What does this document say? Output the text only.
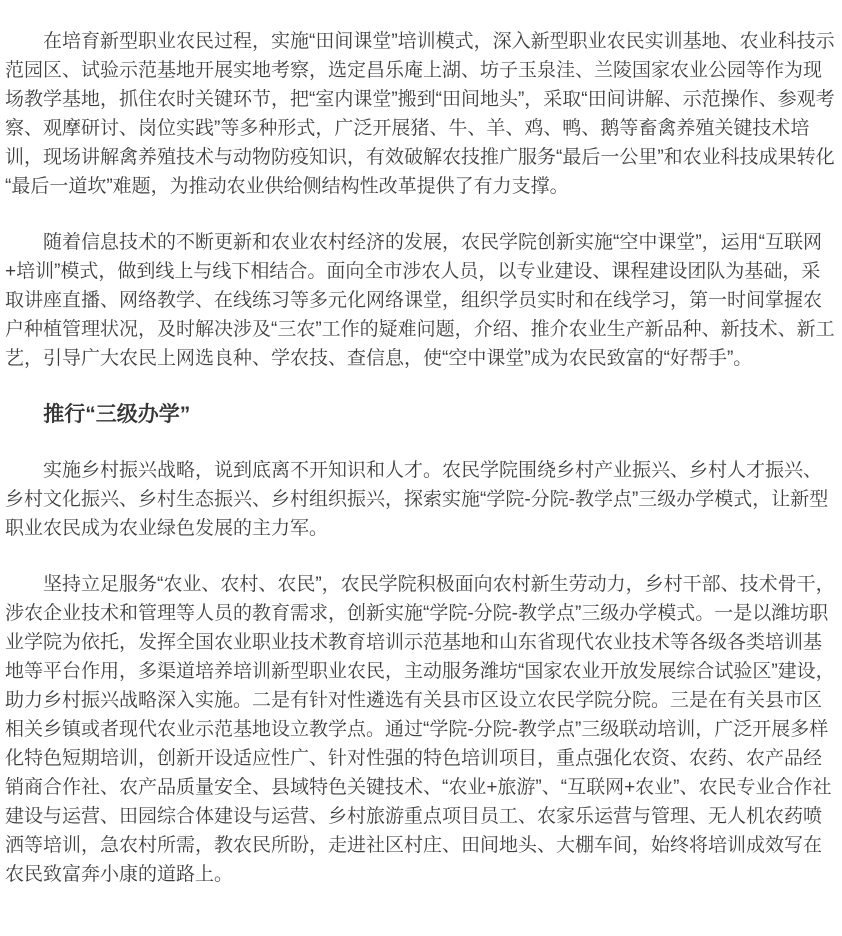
在培育新型职业农民过程，实施“田间课堂”培训模式，深入新型职业农民实训基地、农业科技示范园区、试验示范基地开展实地考察，选定昌乐庵上湖、坊子玉泉洼、兰陵国家农业公园等作为现场教学基地，抓住农时关键环节，把“室内课堂”搬到“田间地头”，采取“田间讲解、示范操作、参观考察、观摩研讨、岗位实践”等多种形式，广泛开展猪、牛、羊、鸡、鸭、鹅等畜禽养殖关键技术培训，现场讲解禽养殖技术与动物防疫知识，有效破解农技推广服务“最后一公里”和农业科技成果转化“最后一道坎”难题，为推动农业供给侧结构性改革提供了有力支撑。

随着信息技术的不断更新和农业农村经济的发展，农民学院创新实施“空中课堂”，运用“互联网+培训”模式，做到线上与线下相结合。面向全市涉农人员，以专业建设、课程建设团队为基础，采取讲座直播、网络教学、在线练习等多元化网络课堂，组织学员实时和在线学习，第一时间掌握农户种植管理状况，及时解决涉及“三农”工作的疑难问题，介绍、推介农业生产新品种、新技术、新工艺，引导广大农民上网选良种、学农技、查信息，使“空中课堂”成为农民致富的“好帮手”。

推行“三级办学”

实施乡村振兴战略，说到底离不开知识和人才。农民学院围绕乡村产业振兴、乡村人才振兴、乡村文化振兴、乡村生态振兴、乡村组织振兴，探索实施“学院-分院-教学点”三级办学模式，让新型职业农民成为农业绿色发展的主力军。

坚持立足服务“农业、农村、农民”，农民学院积极面向农村新生劳动力，乡村干部、技术骨干，涉农企业技术和管理等人员的教育需求，创新实施“学院-分院-教学点”三级办学模式。一是以潍坊职业学院为依托，发挥全国农业职业技术教育培训示范基地和山东省现代农业技术等各级各类培训基地等平台作用，多渠道培养培训新型职业农民，主动服务潍坊“国家农业开放发展综合试验区”建设，助力乡村振兴战略深入实施。二是有针对性遴选有关县市区设立农民学院分院。三是在有关县市区相关乡镇或者现代农业示范基地设立教学点。通过“学院-分院-教学点”三级联动培训，广泛开展多样化特色短期培训，创新开设适应性广、针对性强的特色培训项目，重点强化农资、农药、农产品经销商合作社、农产品质量安全、县域特色关键技术、“农业+旅游”、“互联网+农业”、农民专业合作社建设与运营、田园综合体建设与运营、乡村旅游重点项目员工、农家乐运营与管理、无人机农药喷洒等培训，急农村所需，教农民所盼，走进社区村庄、田间地头、大棚车间，始终将培训成效写在农民致富奔小康的道路上。
